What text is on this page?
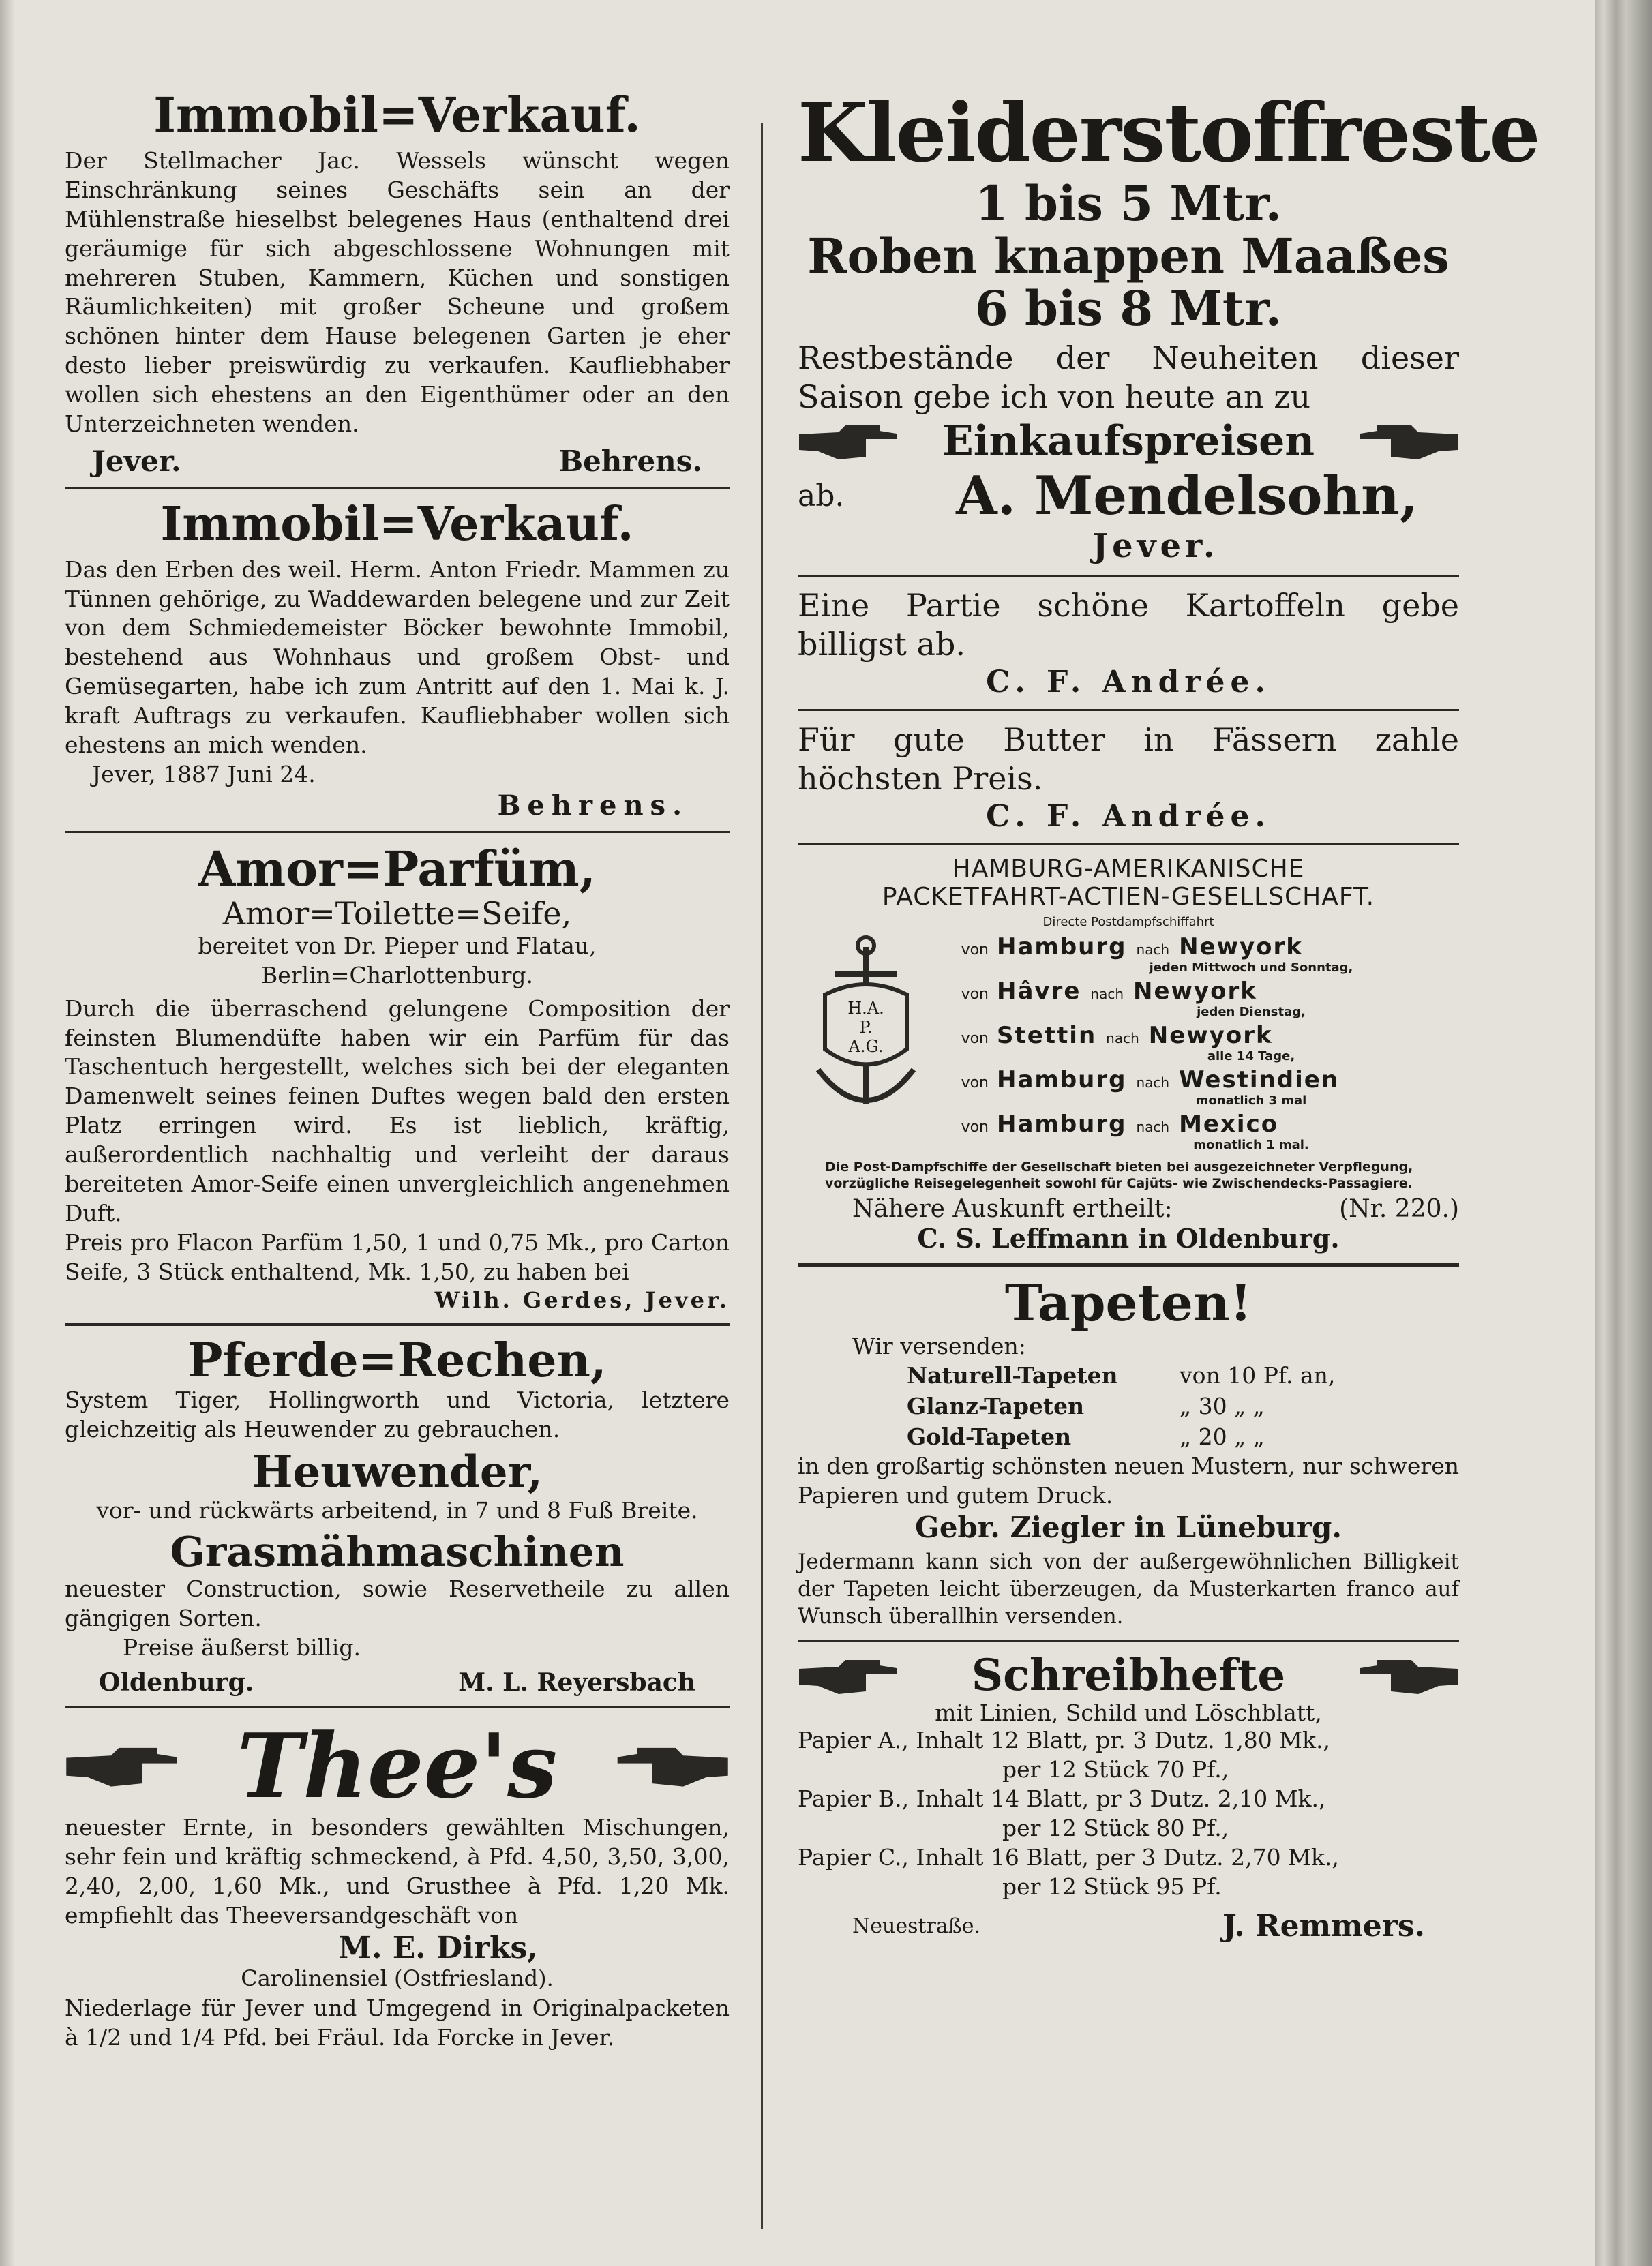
Immobil=Verkauf.

Der Stellmacher Jac. Wessels wünscht wegen Einschränkung seines Geschäfts sein an der Mühlenstraße hieselbst belegenes Haus (enthaltend drei geräumige für sich abgeschlossene Wohnungen mit mehreren Stuben, Kammern, Küchen und sonstigen Räumlichkeiten) mit großer Scheune und großem schönen hinter dem Hause belegenen Garten je eher desto lieber preiswürdig zu verkaufen. Kaufliebhaber wollen sich ehestens an den Eigenthümer oder an den Unterzeichneten wenden.

Jever.	Behrens.
Immobil=Verkauf.

Das den Erben des weil. Herm. Anton Friedr. Mammen zu Tünnen gehörige, zu Waddewarden belegene und zur Zeit von dem Schmiedemeister Böcker bewohnte Immobil, bestehend aus Wohnhaus und großem Obst- und Gemüsegarten, habe ich zum Antritt auf den 1. Mai k. J. kraft Auftrags zu verkaufen. Kaufliebhaber wollen sich ehestens an mich wenden.

Jever, 1887 Juni 24.

Behrens.
Amor=Parfüm,
Amor=Toilette=Seife,

bereitet von Dr. Pieper und Flatau, Berlin=Charlottenburg.

Durch die überraschend gelungene Composition der feinsten Blumendüfte haben wir ein Parfüm für das Taschentuch hergestellt, welches sich bei der eleganten Damenwelt seines feinen Duftes wegen bald den ersten Platz erringen wird. Es ist lieblich, kräftig, außerordentlich nachhaltig und verleiht der daraus bereiteten Amor-Seife einen unvergleichlich angenehmen Duft.

Preis pro Flacon Parfüm 1,50, 1 und 0,75 Mk., pro Carton Seife, 3 Stück enthaltend, Mk. 1,50, zu haben bei

Wilh. Gerdes, Jever.
Pferde=Rechen,

System Tiger, Hollingworth und Victoria, letztere gleichzeitig als Heuwender zu gebrauchen.

Heuwender,

vor- und rückwärts arbeitend, in 7 und 8 Fuß Breite.

Grasmähmaschinen

neuester Construction, sowie Reservetheile zu allen gängigen Sorten.

Preise äußerst billig.

Oldenburg.	M. L. Reyersbach
Thee's

neuester Ernte, in besonders gewählten Mischungen, sehr fein und kräftig schmeckend, à Pfd. 4,50, 3,50, 3,00, 2,40, 2,00, 1,60 Mk., und Grusthee à Pfd. 1,20 Mk. empfiehlt das Theeversandgeschäft von

M. E. Dirks,
Carolinensiel (Ostfriesland).

Niederlage für Jever und Umgegend in Originalpacketen à 1/2 und 1/4 Pfd. bei Fräul. Ida Forcke in Jever.

Kleiderstoffreste
1 bis 5 Mtr.
Roben knappen Maaßes
6 bis 8 Mtr.

Restbestände der Neuheiten dieser Saison gebe ich von heute an zu

Einkaufspreisen
ab. A. Mendelsohn,
Jever.

Eine Partie schöne Kartoffeln gebe billigst ab.

C. F. Andrée.

Für gute Butter in Fässern zahle höchsten Preis.

C. F. Andrée.
HAMBURG-AMERIKANISCHE
PACKETFAHRT-ACTIEN-GESELLSCHAFT.
Directe Postdampfschiffahrt
H.A.
P.
A.G.
von Hamburg nach Newyork
jeden Mittwoch und Sonntag,
von Hâvre nach Newyork
jeden Dienstag,
von Stettin nach Newyork
alle 14 Tage,
von Hamburg nach Westindien
monatlich 3 mal
von Hamburg nach Mexico
monatlich 1 mal.

Die Post-Dampfschiffe der Gesellschaft bieten bei ausgezeichneter Verpflegung, vorzügliche Reisegelegenheit sowohl für Cajüts- wie Zwischendecks-Passagiere.

Nähere Auskunft ertheilt:	(Nr. 220.)
C. S. Leffmann in Oldenburg.
Tapeten!

Wir versenden:

Naturell-Tapeten	von 10 Pf. an,
Glanz-Tapeten	„ 30 „ „
Gold-Tapeten	„ 20 „ „

in den großartig schönsten neuen Mustern, nur schweren Papieren und gutem Druck.

Gebr. Ziegler in Lüneburg.

Jedermann kann sich von der außergewöhnlichen Billigkeit der Tapeten leicht überzeugen, da Musterkarten franco auf Wunsch überallhin versenden.

Schreibhefte
mit Linien, Schild und Löschblatt,
Papier A., Inhalt 12 Blatt, pr. 3 Dutz. 1,80 Mk.,
per 12 Stück 70 Pf.,
Papier B., Inhalt 14 Blatt, pr 3 Dutz. 2,10 Mk.,
per 12 Stück 80 Pf.,
Papier C., Inhalt 16 Blatt, per 3 Dutz. 2,70 Mk.,
per 12 Stück 95 Pf.
Neuestraße.	J. Remmers.
